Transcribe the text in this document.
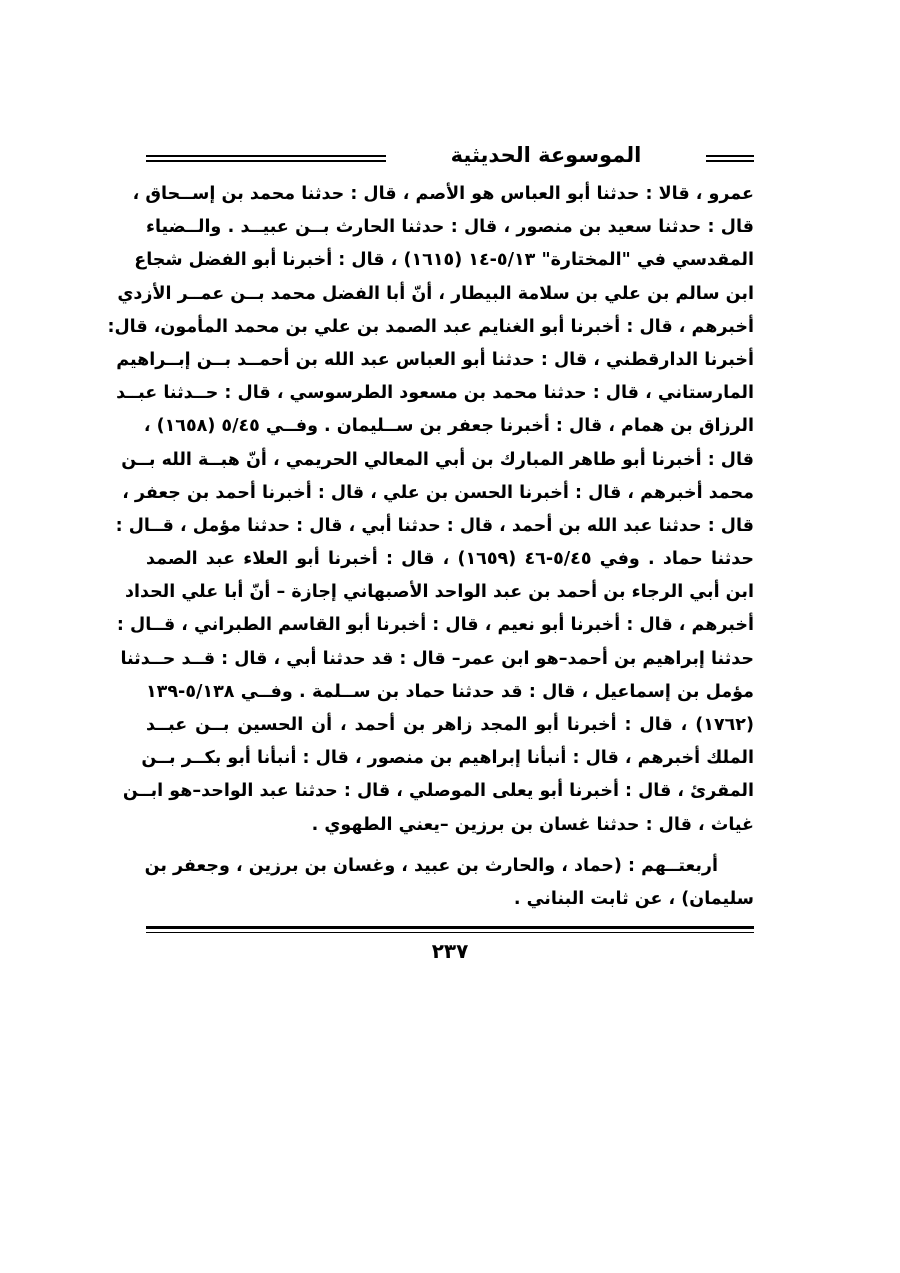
الموسوعة الحديثية
عمرو ، قالا : حدثنا أبو العباس هو الأصم ، قال : حدثنا محمد بن إســحاق ،
قال : حدثنا سعيد بن منصور ، قال : حدثنا الحارث بــن عبيــد . والــضياء
المقدسي في "المختارة" ٥/١٣-١٤ (١٦١٥) ، قال : أخبرنا أبو الفضل شجاع
ابن سالم بن علي بن سلامة البيطار ، أنّ أبا الفضل محمد بــن عمــر الأزدي
أخبرهم ، قال : أخبرنا أبو الغنايم عبد الصمد بن علي بن محمد المأمون، قال:
أخبرنا الدارقطني ، قال : حدثنا أبو العباس عبد الله بن أحمــد بــن إبــراهيم
المارستاني ، قال : حدثنا محمد بن مسعود الطرسوسي ، قال : حــدثنا عبــد
الرزاق بن همام ، قال : أخبرنا جعفر بن ســليمان . وفــي ٥/٤٥ (١٦٥٨) ،
قال : أخبرنا أبو طاهر المبارك بن أبي المعالي الحريمي ، أنّ هبــة الله بــن
محمد أخبرهم ، قال : أخبرنا الحسن بن علي ، قال : أخبرنا أحمد بن جعفر ،
قال : حدثنا عبد الله بن أحمد ، قال : حدثنا أبي ، قال : حدثنا مؤمل ، قــال :
حدثنا حماد . وفي ٥/٤٥-٤٦ (١٦٥٩) ، قال : أخبرنا أبو العلاء عبد الصمد
ابن أبي الرجاء بن أحمد بن عبد الواحد الأصبهاني إجازة – أنّ أبا علي الحداد
أخبرهم ، قال : أخبرنا أبو نعيم ، قال : أخبرنا أبو القاسم الطبراني ، قــال :
حدثنا إبراهيم بن أحمد–هو ابن عمر– قال : قد حدثنا أبي ، قال : قــد حــدثنا
مؤمل بن إسماعيل ، قال : قد حدثنا حماد بن ســلمة . وفــي ٥/١٣٨-١٣٩
(١٧٦٢) ، قال : أخبرنا أبو المجد زاهر بن أحمد ، أن الحسين بــن عبــد
الملك أخبرهم ، قال : أنبأنا إبراهيم بن منصور ، قال : أنبأنا أبو بكــر بــن
المقرئ ، قال : أخبرنا أبو يعلى الموصلي ، قال : حدثنا عبد الواحد–هو ابــن
غياث ، قال : حدثنا غسان بن برزين –يعني الطهوي .
أربعتــهم : (حماد ، والحارث بن عبيد ، وغسان بن برزين ، وجعفر بن
سليمان) ، عن ثابت البناني .
٢٣٧
